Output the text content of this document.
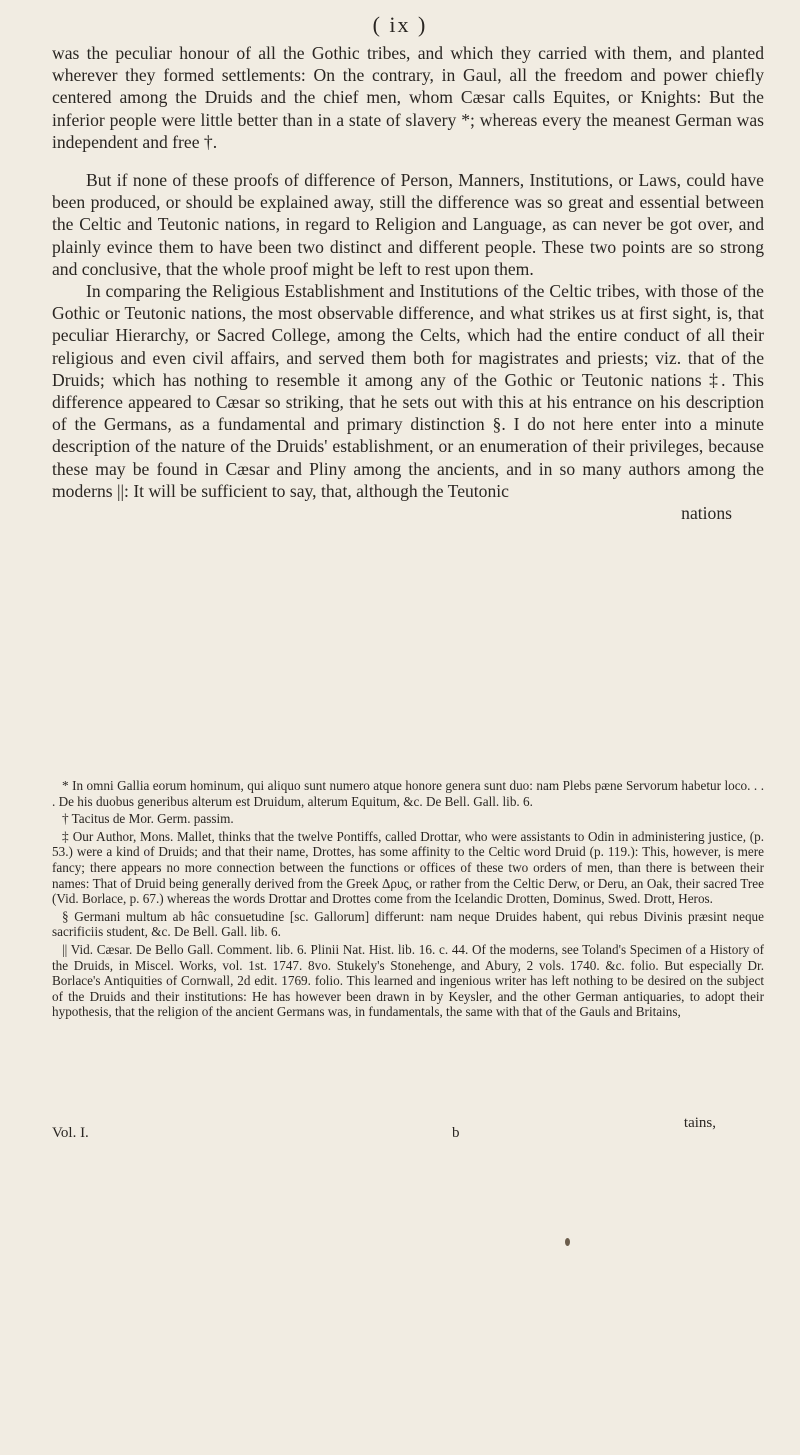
( ix )

was the peculiar honour of all the Gothic tribes, and which they carried with them, and planted wherever they formed settlements: On the contrary, in Gaul, all the freedom and power chiefly centered among the Druids and the chief men, whom Cæsar calls Equites, or Knights: But the inferior people were little better than in a state of slavery *; whereas every the meanest German was independent and free †.

But if none of these proofs of difference of Person, Manners, Institutions, or Laws, could have been produced, or should be explained away, still the difference was so great and essential between the Celtic and Teutonic nations, in regard to Religion and Language, as can never be got over, and plainly evince them to have been two distinct and different people. These two points are so strong and conclusive, that the whole proof might be left to rest upon them.

In comparing the Religious Establishment and Institutions of the Celtic tribes, with those of the Gothic or Teutonic nations, the most observable difference, and what strikes us at first sight, is, that peculiar Hierarchy, or Sacred College, among the Celts, which had the entire conduct of all their religious and even civil affairs, and served them both for magistrates and priests; viz. that of the Druids; which has nothing to resemble it among any of the Gothic or Teutonic nations ‡. This difference appeared to Cæsar so striking, that he sets out with this at his entrance on his description of the Germans, as a fundamental and primary distinction §. I do not here enter into a minute description of the nature of the Druids' establishment, or an enumeration of their privileges, because these may be found in Cæsar and Pliny among the ancients, and in so many authors among the moderns ||: It will be sufficient to say, that, although the Teutonic

nations

* In omni Gallia eorum hominum, qui aliquo sunt numero atque honore genera sunt duo: nam Plebs pæne Servorum habetur loco. . . . De his duobus generibus alterum est Druidum, alterum Equitum, &c. De Bell. Gall. lib. 6.

† Tacitus de Mor. Germ. passim.

‡ Our Author, Mons. Mallet, thinks that the twelve Pontiffs, called Drottar, who were assistants to Odin in administering justice, (p. 53.) were a kind of Druids; and that their name, Drottes, has some affinity to the Celtic word Druid (p. 119.): This, however, is mere fancy; there appears no more connection between the functions or offices of these two orders of men, than there is between their names: That of Druid being generally derived from the Greek Δρυς, or rather from the Celtic Derw, or Deru, an Oak, their sacred Tree (Vid. Borlace, p. 67.) whereas the words Drottar and Drottes come from the Icelandic Drotten, Dominus, Swed. Drott, Heros.

§ Germani multum ab hâc consuetudine [sc. Gallorum] differunt: nam neque Druides habent, qui rebus Divinis præsint neque sacrificiis student, &c. De Bell. Gall. lib. 6.

|| Vid. Cæsar. De Bello Gall. Comment. lib. 6. Plinii Nat. Hist. lib. 16. c. 44. Of the moderns, see Toland's Specimen of a History of the Druids, in Miscel. Works, vol. 1st. 1747. 8vo. Stukely's Stonehenge, and Abury, 2 vols. 1740. &c. folio. But especially Dr. Borlace's Antiquities of Cornwall, 2d edit. 1769. folio. This learned and ingenious writer has left nothing to be desired on the subject of the Druids and their institutions: He has however been drawn in by Keysler, and the other German antiquaries, to adopt their hypothesis, that the religion of the ancient Germans was, in fundamentals, the same with that of the Gauls and Britains,

Vol. I.	b
tains,
